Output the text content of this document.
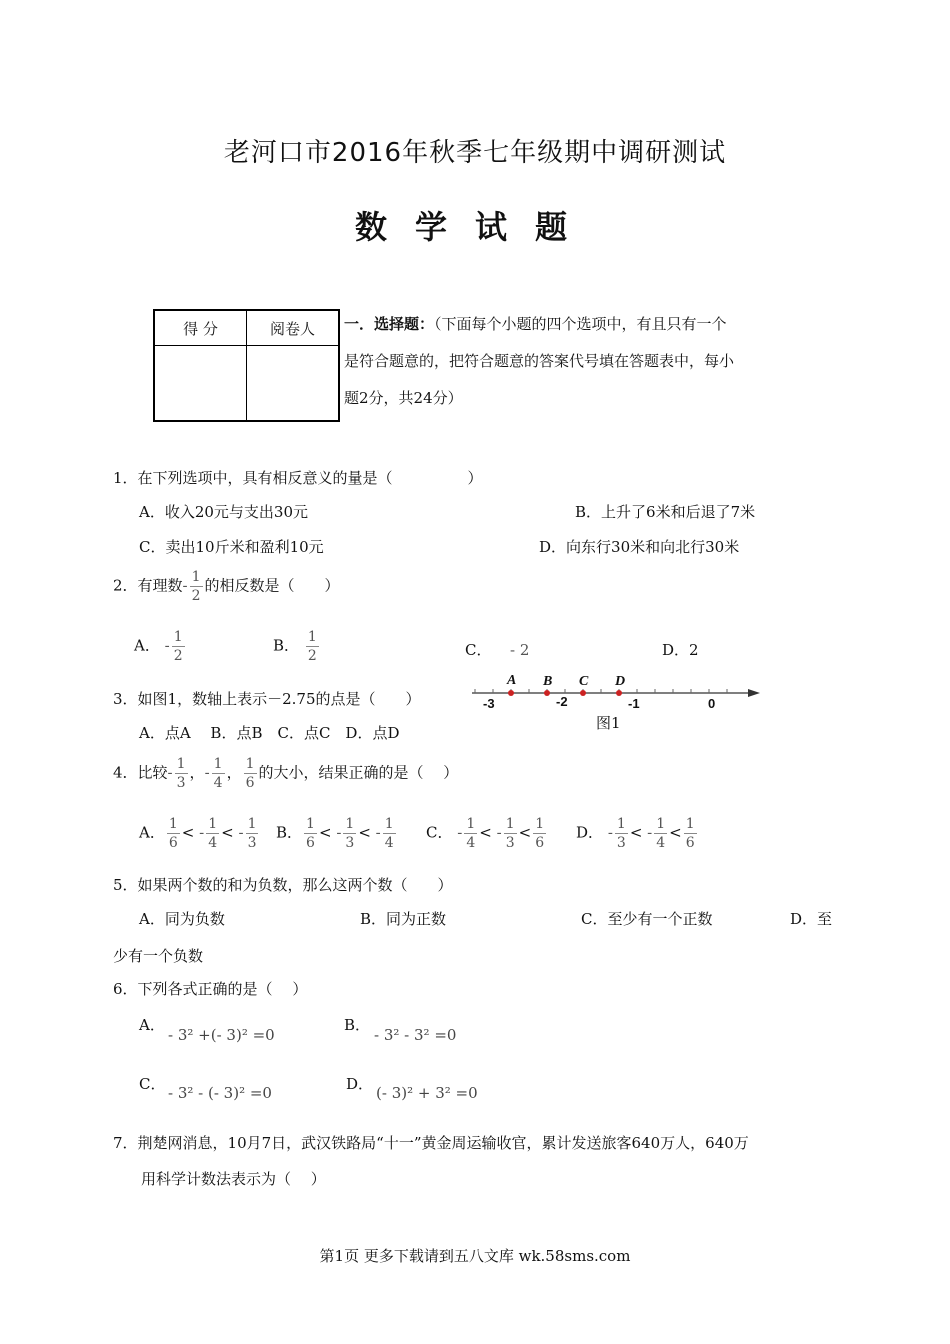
老河口市2016年秋季七年级期中调研测试
数学试题
得 分	阅卷人
	一．选择题：（下面每个小题的四个选项中，有且只有一个
是符合题意的，把符合题意的答案代号填在答题表中，每小
题2分，共24分）
1．在下列选项中，具有相反意义的量是（　　　　　）
A．收入20元与支出30元	B．上升了6米和后退了7米
C．卖出10斤米和盈利10元	D．向东行30米和向北行30米
2．有理数- $\frac{1}{2}$ 的相反数是（　　）
A． - $\frac{1}{2}$	B． $\frac{1}{2}$	C． - 2	D．2
3．如图1，数轴上表示－2.75的点是（　　）
A．点A　 B．点B　C．点C　D．点D
A B C D
-3	-2	-1	0
图1
4．比较- $\frac{1}{3}$ ，- $\frac{1}{4}$ ， $\frac{1}{6}$ 的大小，结果正确的是（　 ）
A． $\frac{1}{6}$ < - $\frac{1}{4}$ < - $\frac{1}{3}$ B． $\frac{1}{6}$ < - $\frac{1}{3}$ < - $\frac{1}{4}$ C． - $\frac{1}{4}$ < - $\frac{1}{3} < \frac{1}{6}$ D． - $\frac{1}{3}$ < - $\frac{1}{4} < \frac{1}{6}$
5．如果两个数的和为负数，那么这两个数（　　）
A．同为负数	B．同为正数	C．至少有一个正数	D．至
少有一个负数
6．下列各式正确的是（　 ）
A．
- 3² +(- 3)² =0
B．
- 3² - 3² =0
C． - 3² - (- 3)² =0	D． (- 3)² + 3² =0
7．荆楚网消息，10月7日，武汉铁路局“十一”黄金周运输收官，累计发送旅客640万人，640万
用科学计数法表示为（　 ）
第1页 更多下载请到五八文库 wk.58sms.com
